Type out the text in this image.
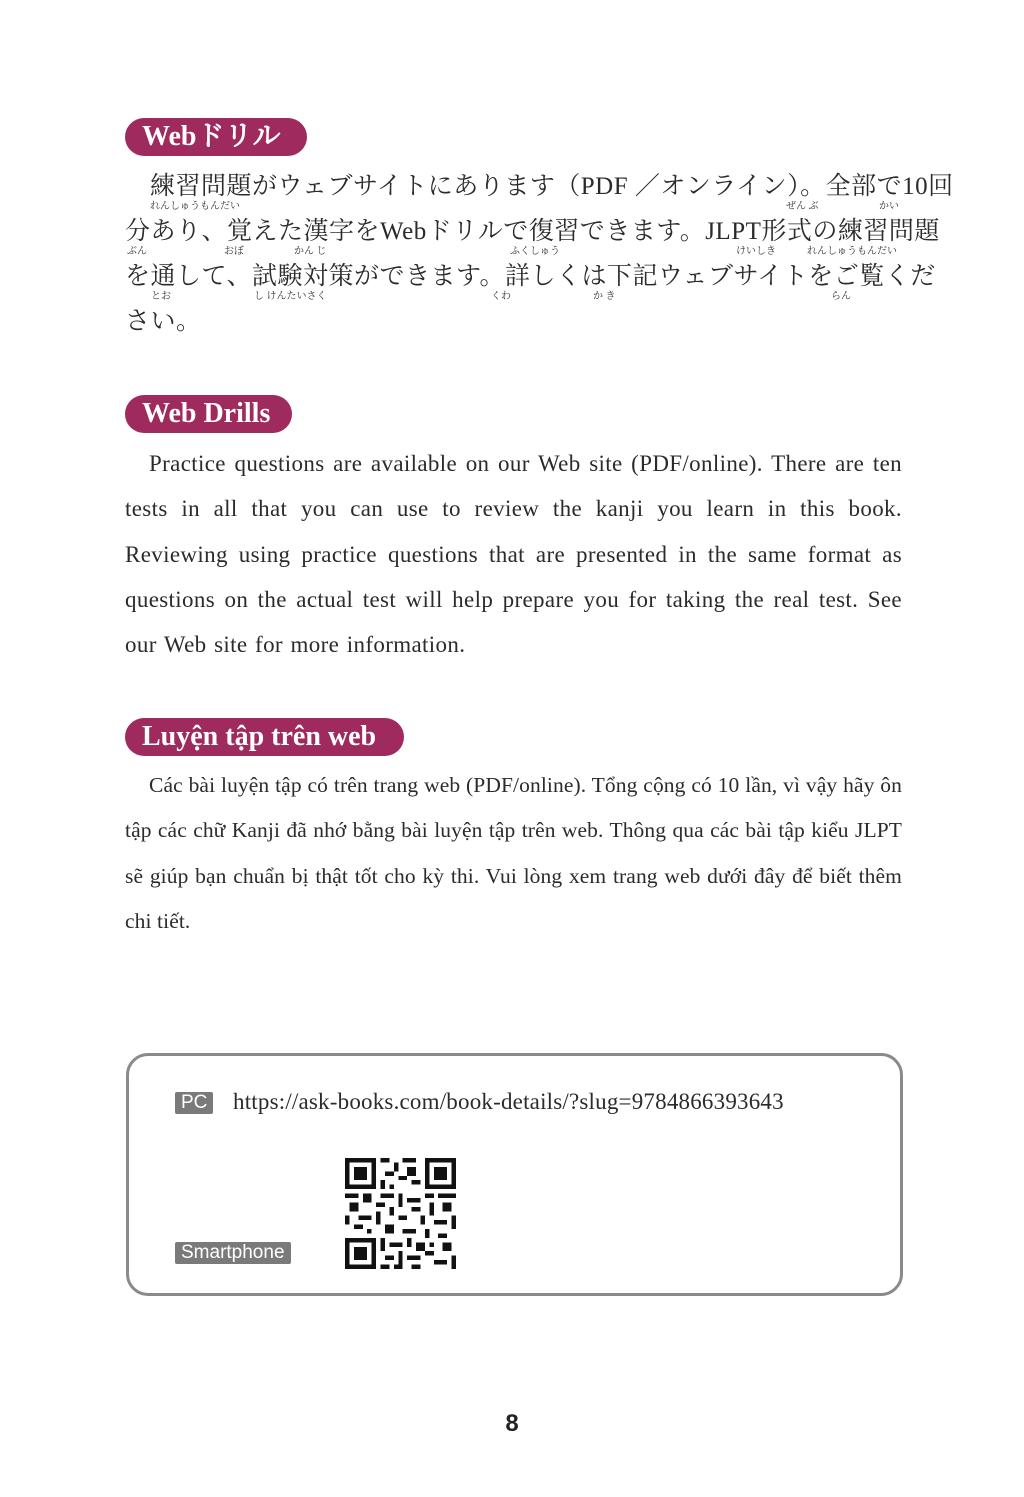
Webドリル
練習問題がウェブサイトにあります（PDF ／オンライン）。全部で10回
れんしゅうもんだい	ぜん ぶ	かい
分あり、覚えた漢字をWebドリルで復習できます。JLPT形式の練習問題
ぶん	おぼ	かん じ	ふくしゅう	けいしき	れんしゅうもんだい
を通して、試験対策ができます。詳しくは下記ウェブサイトをご覧くだ
とお	し けんたいさく	くわ	か き	らん
さい。
Web Drills

Practice questions are available on our Web site (PDF/online). There are ten tests in all that you can use to review the kanji you learn in this book. Reviewing using practice questions that are presented in the same format as questions on the actual test will help prepare you for taking the real test. See our Web site for more information.

Luyện tập trên web

Các bài luyện tập có trên trang web (PDF/online). Tổng cộng có 10 lần, vì vậy hãy ôn tập các chữ Kanji đã nhớ bằng bài luyện tập trên web. Thông qua các bài tập kiểu JLPT sẽ giúp bạn chuẩn bị thật tốt cho kỳ thi. Vui lòng xem trang web dưới đây để biết thêm chi tiết.

PC https://ask-books.com/book-details/?slug=9784866393643
Smartphone
8
